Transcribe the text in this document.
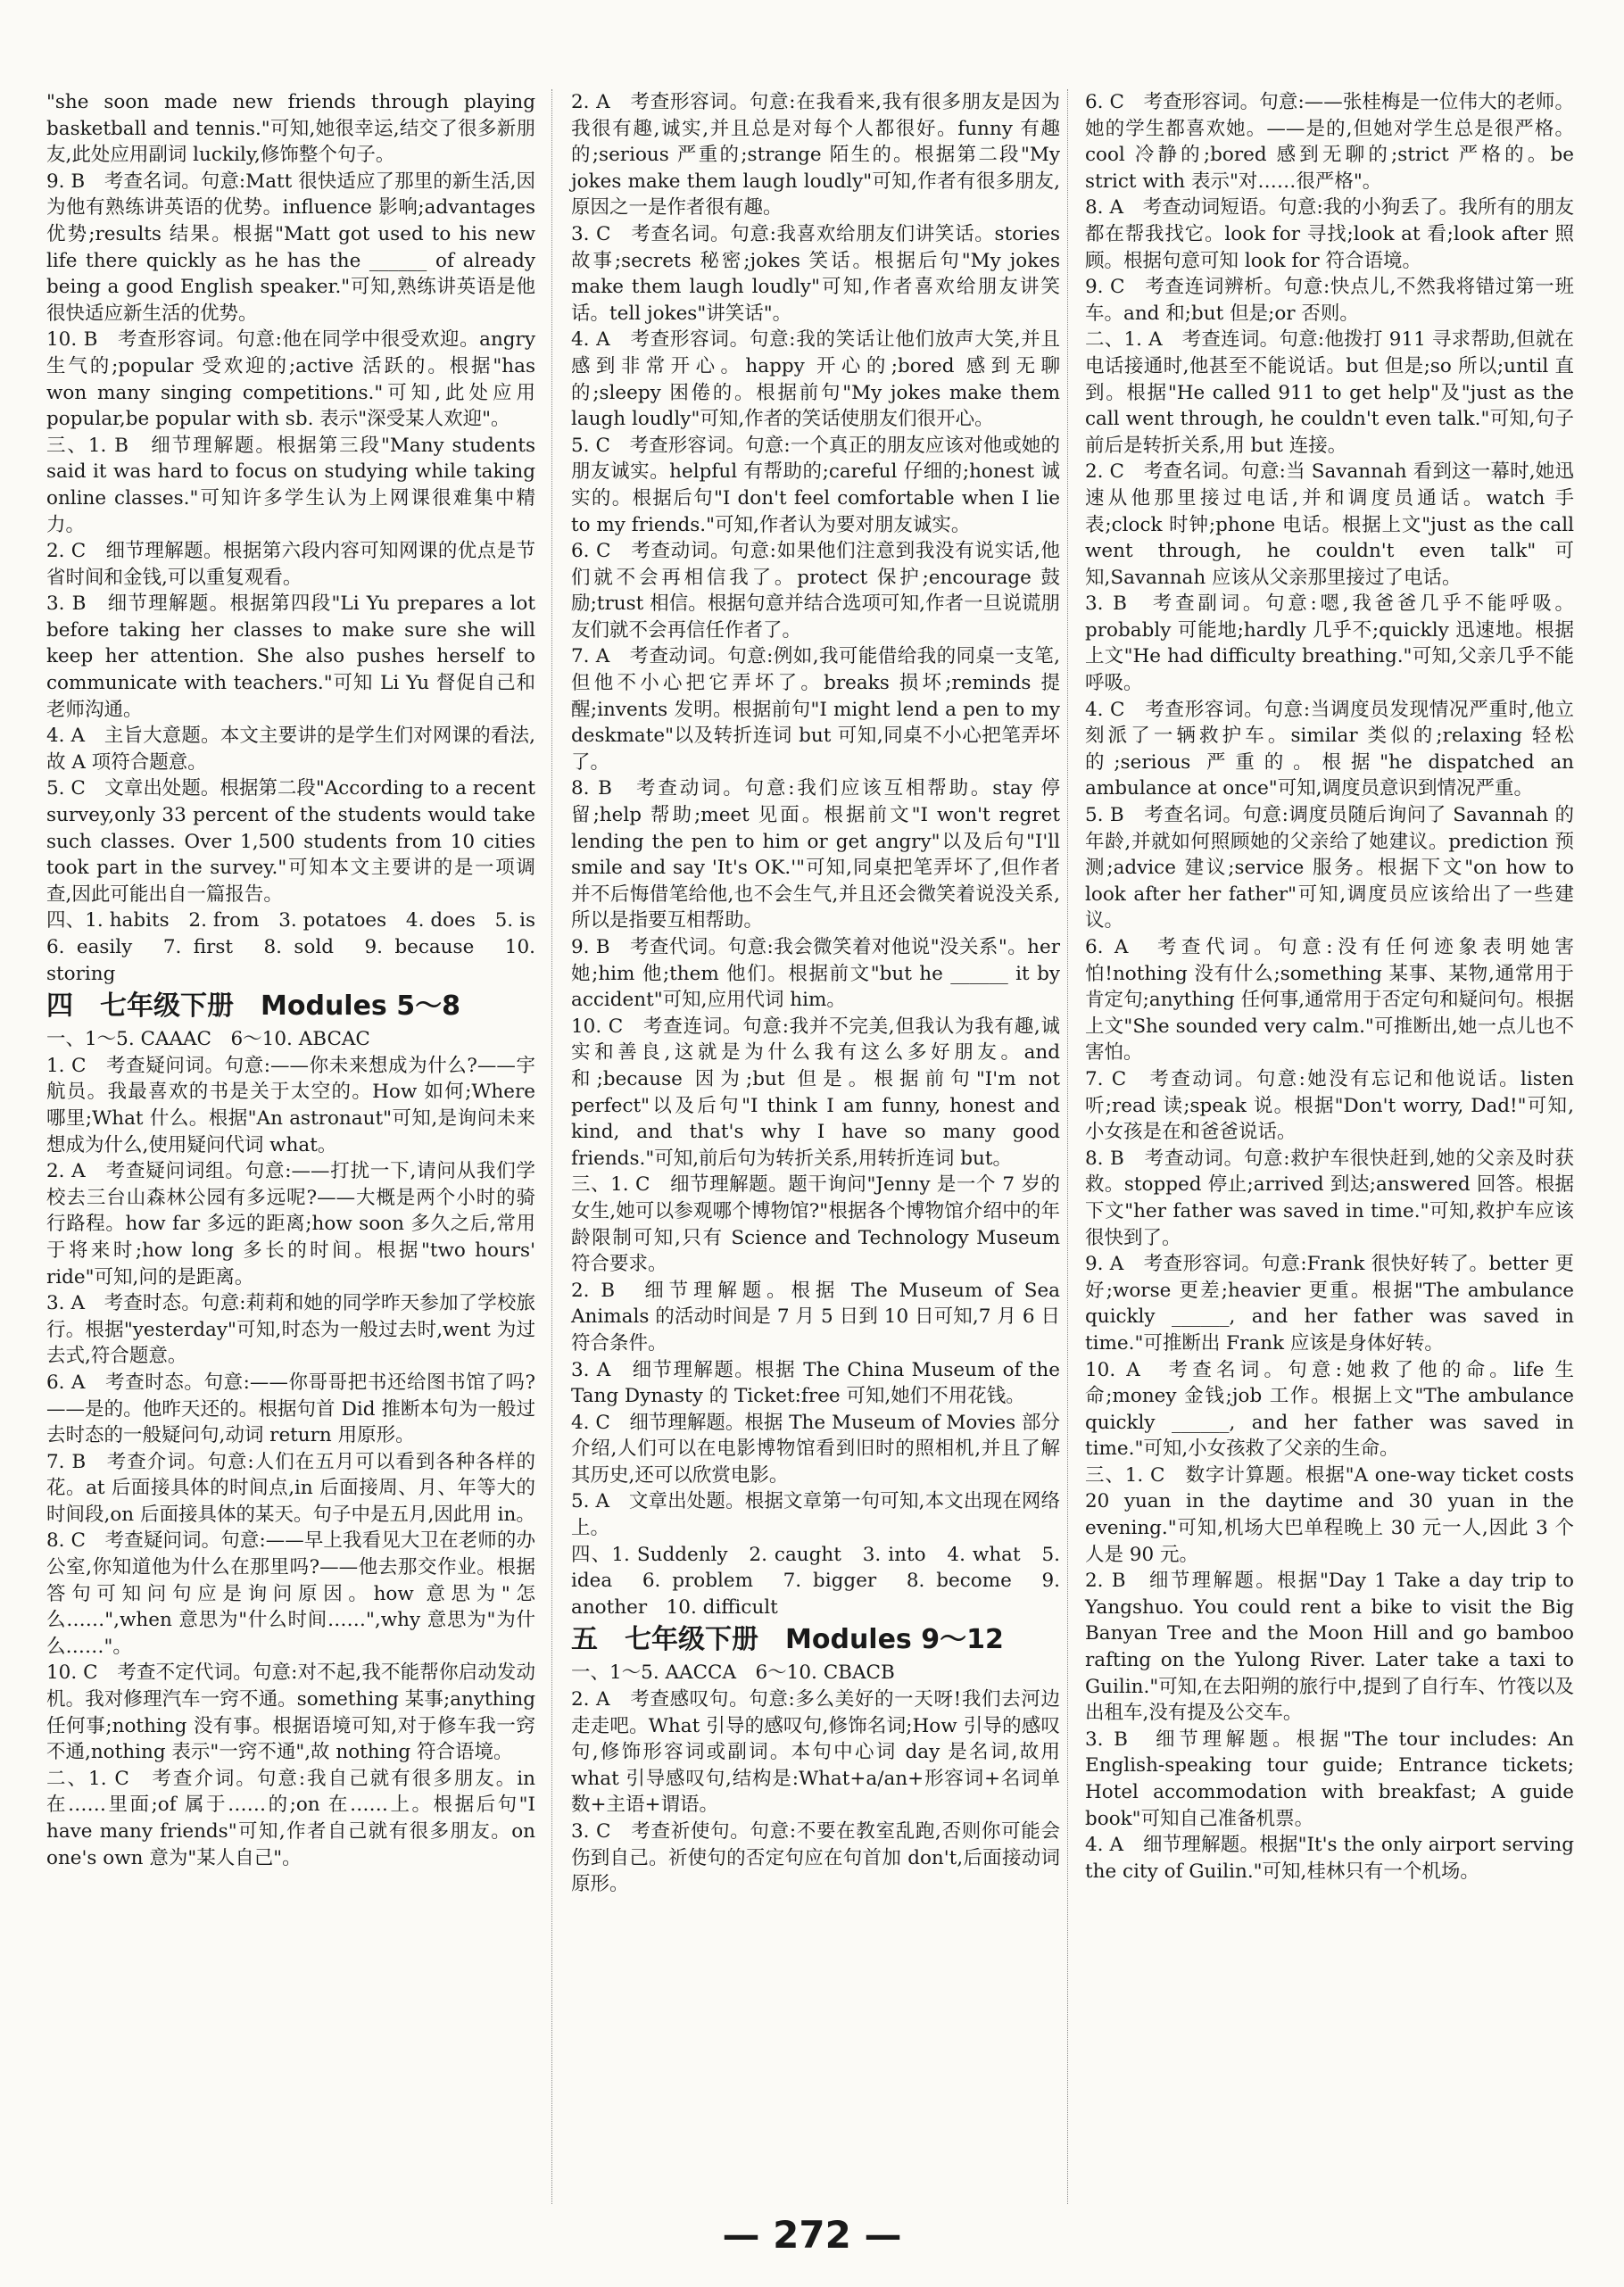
"she soon made new friends through playing basketball and tennis."可知,她很幸运,结交了很多新朋友,此处应用副词 luckily,修饰整个句子。

9. B　考查名词。句意:Matt 很快适应了那里的新生活,因为他有熟练讲英语的优势。influence 影响;advantages 优势;results 结果。根据"Matt got used to his new life there quickly as he has the ______ of already being a good English speaker."可知,熟练讲英语是他很快适应新生活的优势。

10. B　考查形容词。句意:他在同学中很受欢迎。angry 生气的;popular 受欢迎的;active 活跃的。根据"has won many singing competitions."可知,此处应用 popular,be popular with sb. 表示"深受某人欢迎"。

三、1. B　细节理解题。根据第三段"Many students said it was hard to focus on studying while taking online classes."可知许多学生认为上网课很难集中精力。

2. C　细节理解题。根据第六段内容可知网课的优点是节省时间和金钱,可以重复观看。

3. B　细节理解题。根据第四段"Li Yu prepares a lot before taking her classes to make sure she will keep her attention. She also pushes herself to communicate with teachers."可知 Li Yu 督促自己和老师沟通。

4. A　主旨大意题。本文主要讲的是学生们对网课的看法,故 A 项符合题意。

5. C　文章出处题。根据第二段"According to a recent survey,only 33 percent of the students would take such classes. Over 1,500 students from 10 cities took part in the survey."可知本文主要讲的是一项调查,因此可能出自一篇报告。

四、1. habits　2. from　3. potatoes　4. does　5. is　6. easily　7. first　8. sold　9. because　10. storing

四　七年级下册　Modules 5～8

一、1～5. CAAAC　6～10. ABCAC

1. C　考查疑问词。句意:——你未来想成为什么?——宇航员。我最喜欢的书是关于太空的。How 如何;Where 哪里;What 什么。根据"An astronaut"可知,是询问未来想成为什么,使用疑问代词 what。

2. A　考查疑问词组。句意:——打扰一下,请问从我们学校去三台山森林公园有多远呢?——大概是两个小时的骑行路程。how far 多远的距离;how soon 多久之后,常用于将来时;how long 多长的时间。根据"two hours' ride"可知,问的是距离。

3. A　考查时态。句意:莉莉和她的同学昨天参加了学校旅行。根据"yesterday"可知,时态为一般过去时,went 为过去式,符合题意。

6. A　考查时态。句意:——你哥哥把书还给图书馆了吗?——是的。他昨天还的。根据句首 Did 推断本句为一般过去时态的一般疑问句,动词 return 用原形。

7. B　考查介词。句意:人们在五月可以看到各种各样的花。at 后面接具体的时间点,in 后面接周、月、年等大的时间段,on 后面接具体的某天。句子中是五月,因此用 in。

8. C　考查疑问词。句意:——早上我看见大卫在老师的办公室,你知道他为什么在那里吗?——他去那交作业。根据答句可知问句应是询问原因。how 意思为"怎么……",when 意思为"什么时间……",why 意思为"为什么……"。

10. C　考查不定代词。句意:对不起,我不能帮你启动发动机。我对修理汽车一窍不通。something 某事;anything 任何事;nothing 没有事。根据语境可知,对于修车我一窍不通,nothing 表示"一窍不通",故 nothing 符合语境。

二、1. C　考查介词。句意:我自己就有很多朋友。in 在……里面;of 属于……的;on 在……上。根据后句"I have many friends"可知,作者自己就有很多朋友。on one's own 意为"某人自己"。

2. A　考查形容词。句意:在我看来,我有很多朋友是因为我很有趣,诚实,并且总是对每个人都很好。funny 有趣的;serious 严重的;strange 陌生的。根据第二段"My jokes make them laugh loudly"可知,作者有很多朋友,原因之一是作者很有趣。

3. C　考查名词。句意:我喜欢给朋友们讲笑话。stories 故事;secrets 秘密;jokes 笑话。根据后句"My jokes make them laugh loudly"可知,作者喜欢给朋友讲笑话。tell jokes"讲笑话"。

4. A　考查形容词。句意:我的笑话让他们放声大笑,并且感到非常开心。happy 开心的;bored 感到无聊的;sleepy 困倦的。根据前句"My jokes make them laugh loudly"可知,作者的笑话使朋友们很开心。

5. C　考查形容词。句意:一个真正的朋友应该对他或她的朋友诚实。helpful 有帮助的;careful 仔细的;honest 诚实的。根据后句"I don't feel comfortable when I lie to my friends."可知,作者认为要对朋友诚实。

6. C　考查动词。句意:如果他们注意到我没有说实话,他们就不会再相信我了。protect 保护;encourage 鼓励;trust 相信。根据句意并结合选项可知,作者一旦说谎朋友们就不会再信任作者了。

7. A　考查动词。句意:例如,我可能借给我的同桌一支笔,但他不小心把它弄坏了。breaks 损坏;reminds 提醒;invents 发明。根据前句"I might lend a pen to my deskmate"以及转折连词 but 可知,同桌不小心把笔弄坏了。

8. B　考查动词。句意:我们应该互相帮助。stay 停留;help 帮助;meet 见面。根据前文"I won't regret lending the pen to him or get angry"以及后句"I'll smile and say 'It's OK.'"可知,同桌把笔弄坏了,但作者并不后悔借笔给他,也不会生气,并且还会微笑着说没关系,所以是指要互相帮助。

9. B　考查代词。句意:我会微笑着对他说"没关系"。her 她;him 他;them 他们。根据前文"but he ______ it by accident"可知,应用代词 him。

10. C　考查连词。句意:我并不完美,但我认为我有趣,诚实和善良,这就是为什么我有这么多好朋友。and 和;because 因为;but 但是。根据前句"I'm not perfect"以及后句"I think I am funny, honest and kind, and that's why I have so many good friends."可知,前后句为转折关系,用转折连词 but。

三、1. C　细节理解题。题干询问"Jenny 是一个 7 岁的女生,她可以参观哪个博物馆?"根据各个博物馆介绍中的年龄限制可知,只有 Science and Technology Museum 符合要求。

2. B　细节理解题。根据 The Museum of Sea Animals 的活动时间是 7 月 5 日到 10 日可知,7 月 6 日符合条件。

3. A　细节理解题。根据 The China Museum of the Tang Dynasty 的 Ticket:free 可知,她们不用花钱。

4. C　细节理解题。根据 The Museum of Movies 部分介绍,人们可以在电影博物馆看到旧时的照相机,并且了解其历史,还可以欣赏电影。

5. A　文章出处题。根据文章第一句可知,本文出现在网络上。

四、1. Suddenly　2. caught　3. into　4. what　5. idea　6. problem　7. bigger　8. become　9. another　10. difficult

五　七年级下册　Modules 9～12

一、1～5. AACCA　6～10. CBACB

2. A　考查感叹句。句意:多么美好的一天呀!我们去河边走走吧。What 引导的感叹句,修饰名词;How 引导的感叹句,修饰形容词或副词。本句中心词 day 是名词,故用 what 引导感叹句,结构是:What+a/an+形容词+名词单数+主语+谓语。

3. C　考查祈使句。句意:不要在教室乱跑,否则你可能会伤到自己。祈使句的否定句应在句首加 don't,后面接动词原形。

6. C　考查形容词。句意:——张桂梅是一位伟大的老师。她的学生都喜欢她。——是的,但她对学生总是很严格。cool 冷静的;bored 感到无聊的;strict 严格的。be strict with 表示"对……很严格"。

8. A　考查动词短语。句意:我的小狗丢了。我所有的朋友都在帮我找它。look for 寻找;look at 看;look after 照顾。根据句意可知 look for 符合语境。

9. C　考查连词辨析。句意:快点儿,不然我将错过第一班车。and 和;but 但是;or 否则。

二、1. A　考查连词。句意:他拨打 911 寻求帮助,但就在电话接通时,他甚至不能说话。but 但是;so 所以;until 直到。根据"He called 911 to get help"及"just as the call went through, he couldn't even talk."可知,句子前后是转折关系,用 but 连接。

2. C　考查名词。句意:当 Savannah 看到这一幕时,她迅速从他那里接过电话,并和调度员通话。watch 手表;clock 时钟;phone 电话。根据上文"just as the call went through, he couldn't even talk"可知,Savannah 应该从父亲那里接过了电话。

3. B　考查副词。句意:嗯,我爸爸几乎不能呼吸。probably 可能地;hardly 几乎不;quickly 迅速地。根据上文"He had difficulty breathing."可知,父亲几乎不能呼吸。

4. C　考查形容词。句意:当调度员发现情况严重时,他立刻派了一辆救护车。similar 类似的;relaxing 轻松的;serious 严重的。根据"he dispatched an ambulance at once"可知,调度员意识到情况严重。

5. B　考查名词。句意:调度员随后询问了 Savannah 的年龄,并就如何照顾她的父亲给了她建议。prediction 预测;advice 建议;service 服务。根据下文"on how to look after her father"可知,调度员应该给出了一些建议。

6. A　考查代词。句意:没有任何迹象表明她害怕!nothing 没有什么;something 某事、某物,通常用于肯定句;anything 任何事,通常用于否定句和疑问句。根据上文"She sounded very calm."可推断出,她一点儿也不害怕。

7. C　考查动词。句意:她没有忘记和他说话。listen 听;read 读;speak 说。根据"Don't worry, Dad!"可知,小女孩是在和爸爸说话。

8. B　考查动词。句意:救护车很快赶到,她的父亲及时获救。stopped 停止;arrived 到达;answered 回答。根据下文"her father was saved in time."可知,救护车应该很快到了。

9. A　考查形容词。句意:Frank 很快好转了。better 更好;worse 更差;heavier 更重。根据"The ambulance quickly ______, and her father was saved in time."可推断出 Frank 应该是身体好转。

10. A　考查名词。句意:她救了他的命。life 生命;money 金钱;job 工作。根据上文"The ambulance quickly ______, and her father was saved in time."可知,小女孩救了父亲的生命。

三、1. C　数字计算题。根据"A one-way ticket costs 20 yuan in the daytime and 30 yuan in the evening."可知,机场大巴单程晚上 30 元一人,因此 3 个人是 90 元。

2. B　细节理解题。根据"Day 1 Take a day trip to Yangshuo. You could rent a bike to visit the Big Banyan Tree and the Moon Hill and go bamboo rafting on the Yulong River. Later take a taxi to Guilin."可知,在去阳朔的旅行中,提到了自行车、竹筏以及出租车,没有提及公交车。

3. B　细节理解题。根据"The tour includes: An English-speaking tour guide; Entrance tickets; Hotel accommodation with breakfast; A guide book"可知自己准备机票。

4. A　细节理解题。根据"It's the only airport serving the city of Guilin."可知,桂林只有一个机场。

— 272 —
